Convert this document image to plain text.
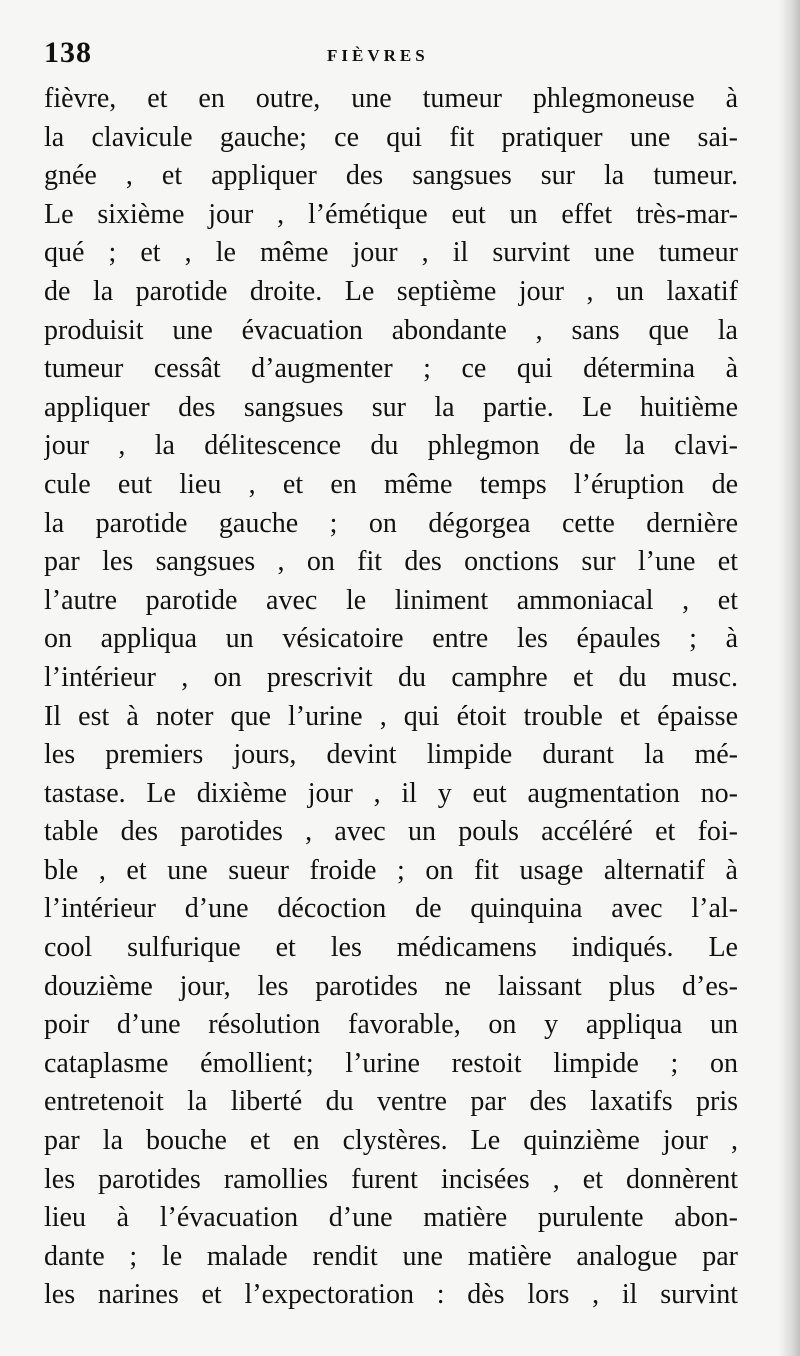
138	FIÈVRES
fièvre, et en outre, une tumeur phlegmoneuse à
la clavicule gauche; ce qui fit pratiquer une sai-
gnée , et appliquer des sangsues sur la tumeur.
Le sixième jour , l’émétique eut un effet très-mar-
qué ; et , le même jour , il survint une tumeur
de la parotide droite. Le septième jour , un laxatif
produisit une évacuation abondante , sans que la
tumeur cessât d’augmenter ; ce qui détermina à
appliquer des sangsues sur la partie. Le huitième
jour , la délitescence du phlegmon de la clavi-
cule eut lieu , et en même temps l’éruption de
la parotide gauche ; on dégorgea cette dernière
par les sangsues , on fit des onctions sur l’une et
l’autre parotide avec le liniment ammoniacal , et
on appliqua un vésicatoire entre les épaules ; à
l’intérieur , on prescrivit du camphre et du musc.
Il est à noter que l’urine , qui étoit trouble et épaisse
les premiers jours, devint limpide durant la mé-
tastase. Le dixième jour , il y eut augmentation no-
table des parotides , avec un pouls accéléré et foi-
ble , et une sueur froide ; on fit usage alternatif à
l’intérieur d’une décoction de quinquina avec l’al-
cool sulfurique et les médicamens indiqués. Le
douzième jour, les parotides ne laissant plus d’es-
poir d’une résolution favorable, on y appliqua un
cataplasme émollient; l’urine restoit limpide ; on
entretenoit la liberté du ventre par des laxatifs pris
par la bouche et en clystères. Le quinzième jour ,
les parotides ramollies furent incisées , et donnèrent
lieu à l’évacuation d’une matière purulente abon-
dante ; le malade rendit une matière analogue par
les narines et l’expectoration : dès lors , il survint
